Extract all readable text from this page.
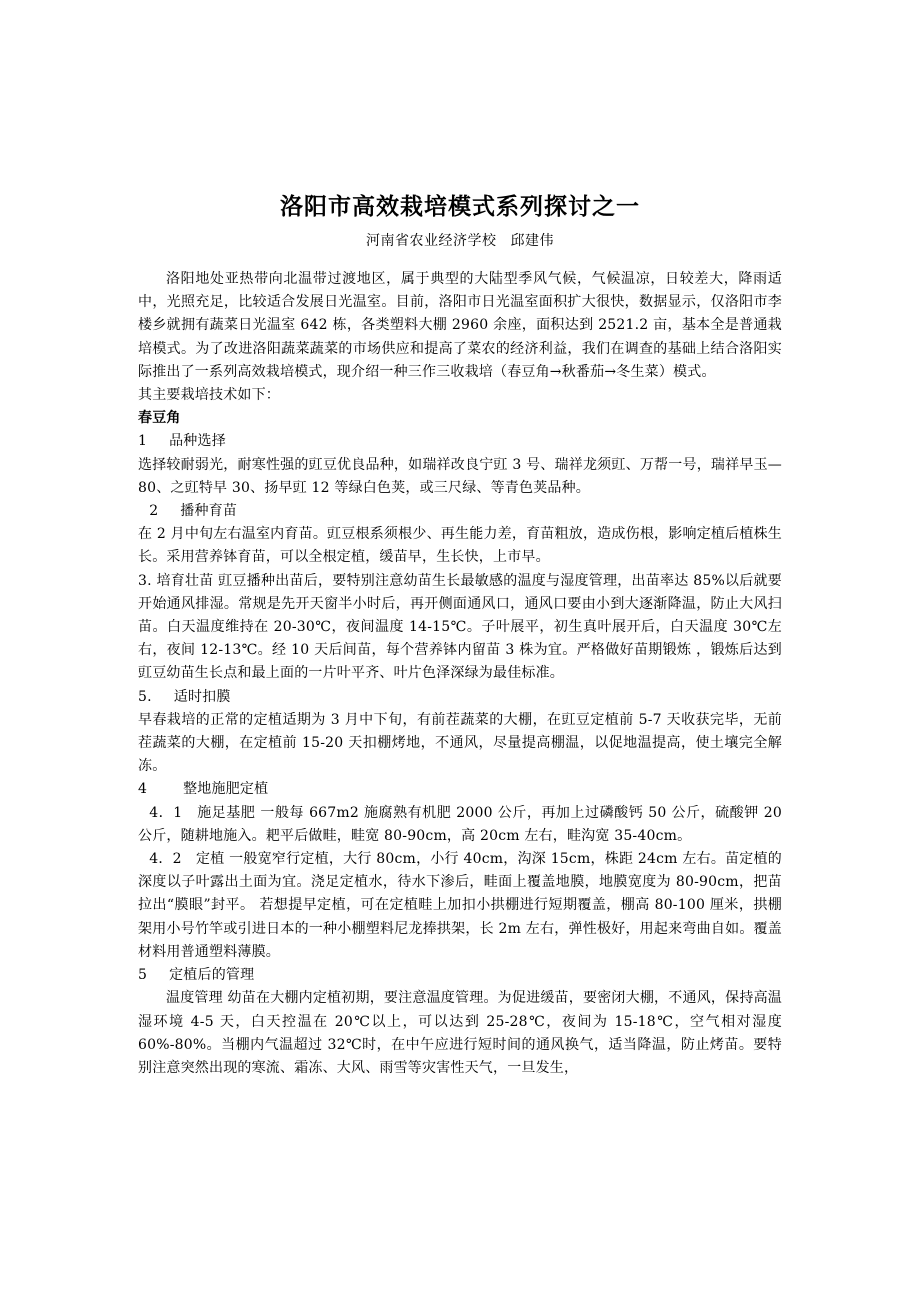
洛阳市高效栽培模式系列探讨之一
河南省农业经济学校 邱建伟

洛阳地处亚热带向北温带过渡地区，属于典型的大陆型季风气候，气候温凉，日较差大，降雨适中，光照充足，比较适合发展日光温室。目前，洛阳市日光温室面积扩大很快，数据显示，仅洛阳市李楼乡就拥有蔬菜日光温室 642 栋，各类塑料大棚 2960 余座，面积达到 2521.2 亩，基本全是普通栽培模式。为了改进洛阳蔬菜蔬菜的市场供应和提高了菜农的经济利益，我们在调查的基础上结合洛阳实际推出了一系列高效栽培模式，现介绍一种三作三收栽培（春豆角→秋番茄→冬生菜）模式。

其主要栽培技术如下：

春豆角

1 品种选择

选择较耐弱光，耐寒性强的豇豆优良品种，如瑞祥改良宁豇 3 号、瑞祥龙须豇、万帮一号，瑞祥早玉—80、之豇特早 30、扬早豇 12 等绿白色荚，或三尺绿、等青色荚品种。

2 播种育苗

在 2 月中旬左右温室内育苗。豇豆根系须根少、再生能力差，育苗粗放，造成伤根，影响定植后植株生长。采用营养钵育苗，可以全根定植，缓苗早，生长快，上市早。

3. 培育壮苗 豇豆播种出苗后，要特别注意幼苗生长最敏感的温度与湿度管理，出苗率达 85%以后就要开始通风排湿。常规是先开天窗半小时后，再开侧面通风口，通风口要由小到大逐渐降温，防止大风扫苗。白天温度维持在 20-30℃，夜间温度 14-15℃。子叶展平，初生真叶展开后，白天温度 30℃左右，夜间 12-13℃。经 10 天后间苗，每个营养钵内留苗 3 株为宜。严格做好苗期锻炼 ，锻炼后达到豇豆幼苗生长点和最上面的一片叶平齐、叶片色泽深绿为最佳标准。

5. 适时扣膜

早春栽培的正常的定植适期为 3 月中下旬，有前茬蔬菜的大棚，在豇豆定植前 5-7 天收获完毕，无前茬蔬菜的大棚，在定植前 15-20 天扣棚烤地，不通风，尽量提高棚温，以促地温提高，使土壤完全解冻。

4	整地施肥定植

4．1　施足基肥 一般每 667m2 施腐熟有机肥 2000 公斤，再加上过磷酸钙 50 公斤，硫酸钾 20 公斤，随耕地施入。耙平后做畦，畦宽 80-90cm，高 20cm 左右，畦沟宽 35-40cm。

4．2　定植 一般宽窄行定植，大行 80cm，小行 40cm，沟深 15cm，株距 24cm 左右。苗定植的深度以子叶露出土面为宜。浇足定植水，待水下渗后，畦面上覆盖地膜，地膜宽度为 80-90cm，把苗拉出“膜眼”封平。 若想提早定植，可在定植畦上加扣小拱棚进行短期覆盖，棚高 80-100 厘米，拱棚架用小号竹竿或引进日本的一种小棚塑料尼龙捧拱架，长 2m 左右，弹性极好，用起来弯曲自如。覆盖材料用普通塑料薄膜。

5 定植后的管理

温度管理 幼苗在大棚内定植初期，要注意温度管理。为促进缓苗，要密闭大棚，不通风，保持高温湿环境 4-5 天，白天控温在 20℃以上，可以达到 25-28℃，夜间为 15-18℃，空气相对湿度 60%-80%。当棚内气温超过 32℃时，在中午应进行短时间的通风换气，适当降温，防止烤苗。要特别注意突然出现的寒流、霜冻、大风、雨雪等灾害性天气，一旦发生，
